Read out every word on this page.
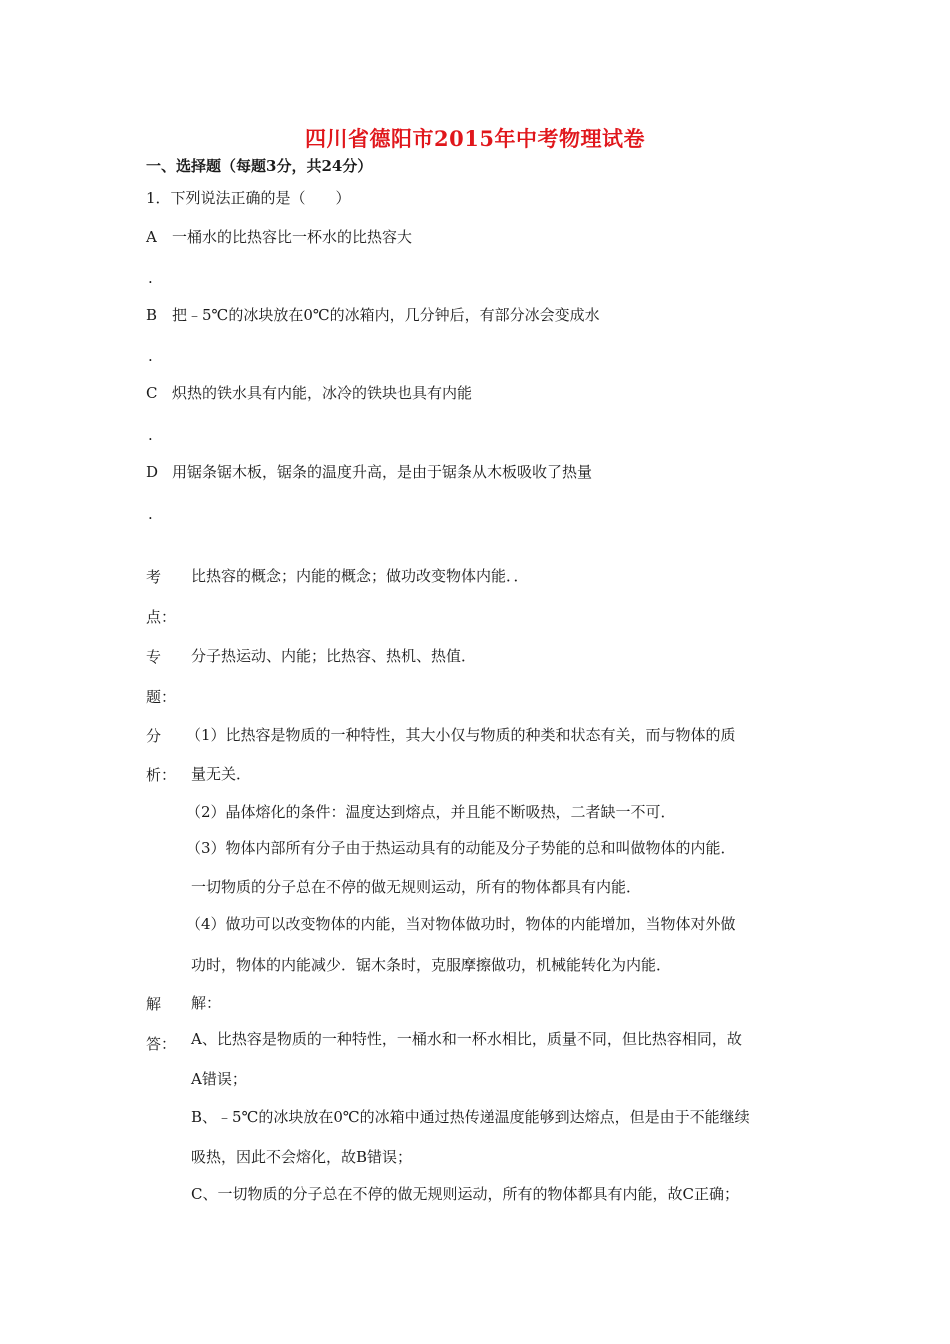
四川省德阳市2015年中考物理试卷
一、选择题（每题3分，共24分）
1．下列说法正确的是（　　）
A 一桶水的比热容比一杯水的比热容大
.
B 把﹣5℃的冰块放在0℃的冰箱内，几分钟后，有部分冰会变成水
.
C 炽热的铁水具有内能，冰冷的铁块也具有内能
.
D 用锯条锯木板，锯条的温度升高，是由于锯条从木板吸收了热量
.
考
点：
比热容的概念；内能的概念；做功改变物体内能．．
专
题：
分子热运动、内能；比热容、热机、热值．
分
析：
（1）比热容是物质的一种特性，其大小仅与物质的种类和状态有关，而与物体的质
量无关．
（2）晶体熔化的条件：温度达到熔点，并且能不断吸热，二者缺一不可．
（3）物体内部所有分子由于热运动具有的动能及分子势能的总和叫做物体的内能．
一切物质的分子总在不停的做无规则运动，所有的物体都具有内能．
（4）做功可以改变物体的内能，当对物体做功时，物体的内能增加，当物体对外做
功时，物体的内能减少．锯木条时，克服摩擦做功，机械能转化为内能．
解
答：
解：
A、比热容是物质的一种特性，一桶水和一杯水相比，质量不同，但比热容相同，故
A错误；
B、﹣5℃的冰块放在0℃的冰箱中通过热传递温度能够到达熔点，但是由于不能继续
吸热，因此不会熔化，故B错误；
C、一切物质的分子总在不停的做无规则运动，所有的物体都具有内能，故C正确；
